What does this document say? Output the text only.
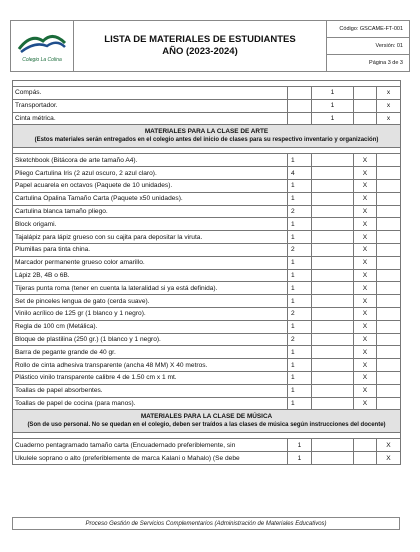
Colegio La Colina
LISTA DE MATERIALES DE ESTUDIANTES
AÑO (2023-2024)
Código: GSCAME-FT-001
Versión: 01
Página 3 de 3

Compás.		1		x
Transportador.		1		x
Cinta métrica.		1		x

MATERIALES PARA LA CLASE DE ARTE
(Estos materiales serán entregados en el colegio antes del inicio de clases para su respectivo inventario y organización)				

Sketchbook (Bitácora de arte tamaño A4).	1		X	
Pliego Cartulina Iris (2 azul oscuro, 2 azul claro).	4		X	
Papel acuarela en octavos (Paquete de 10 unidades).	1		X	
Cartulina Opalina Tamaño Carta (Paquete x50 unidades).	1		X	
Cartulina blanca tamaño pliego.	2		X	
Block origami.	1		X	
Tajalápiz para lápiz grueso con su cajita para depositar la viruta.	1		X	
Plumillas para tinta china.	2		X	
Marcador permanente grueso color amarillo.	1		X	
Lápiz 2B, 4B o 6B.	1		X	
Tijeras punta roma (tener en cuenta la lateralidad si ya está definida).	1		X	
Set de pinceles lengua de gato (cerda suave).	1		X	
Vinilo acrílico de 125 gr (1 blanco y 1 negro).	2		X	
Regla de 100 cm (Metálica).	1		X	
Bloque de plastilina (250 gr.) (1 blanco y 1 negro).	2		X	
Barra de pegante grande de 40 gr.	1		X	
Rollo de cinta adhesiva transparente (ancha 48 MM) X 40 metros.	1		X	
Plástico vinilo transparente calibre 4 de 1.50 cm x 1 mt.	1		X	
Toallas de papel absorbentes.	1		X	
Toallas de papel de cocina (para manos).	1		X	

MATERIALES PARA LA CLASE DE MÚSICA
(Son de uso personal. No se quedan en el colegio, deben ser traídos a las clases de música según instrucciones del docente)				

Cuaderno pentagramado tamaño carta (Encuadernado preferiblemente, sin	1			X
Ukulele soprano o alto (preferiblemente de marca Kalani o Mahalo) (Se debe	1			X
Proceso Gestión de Servicios Complementarios (Administración de Materiales Educativos)
